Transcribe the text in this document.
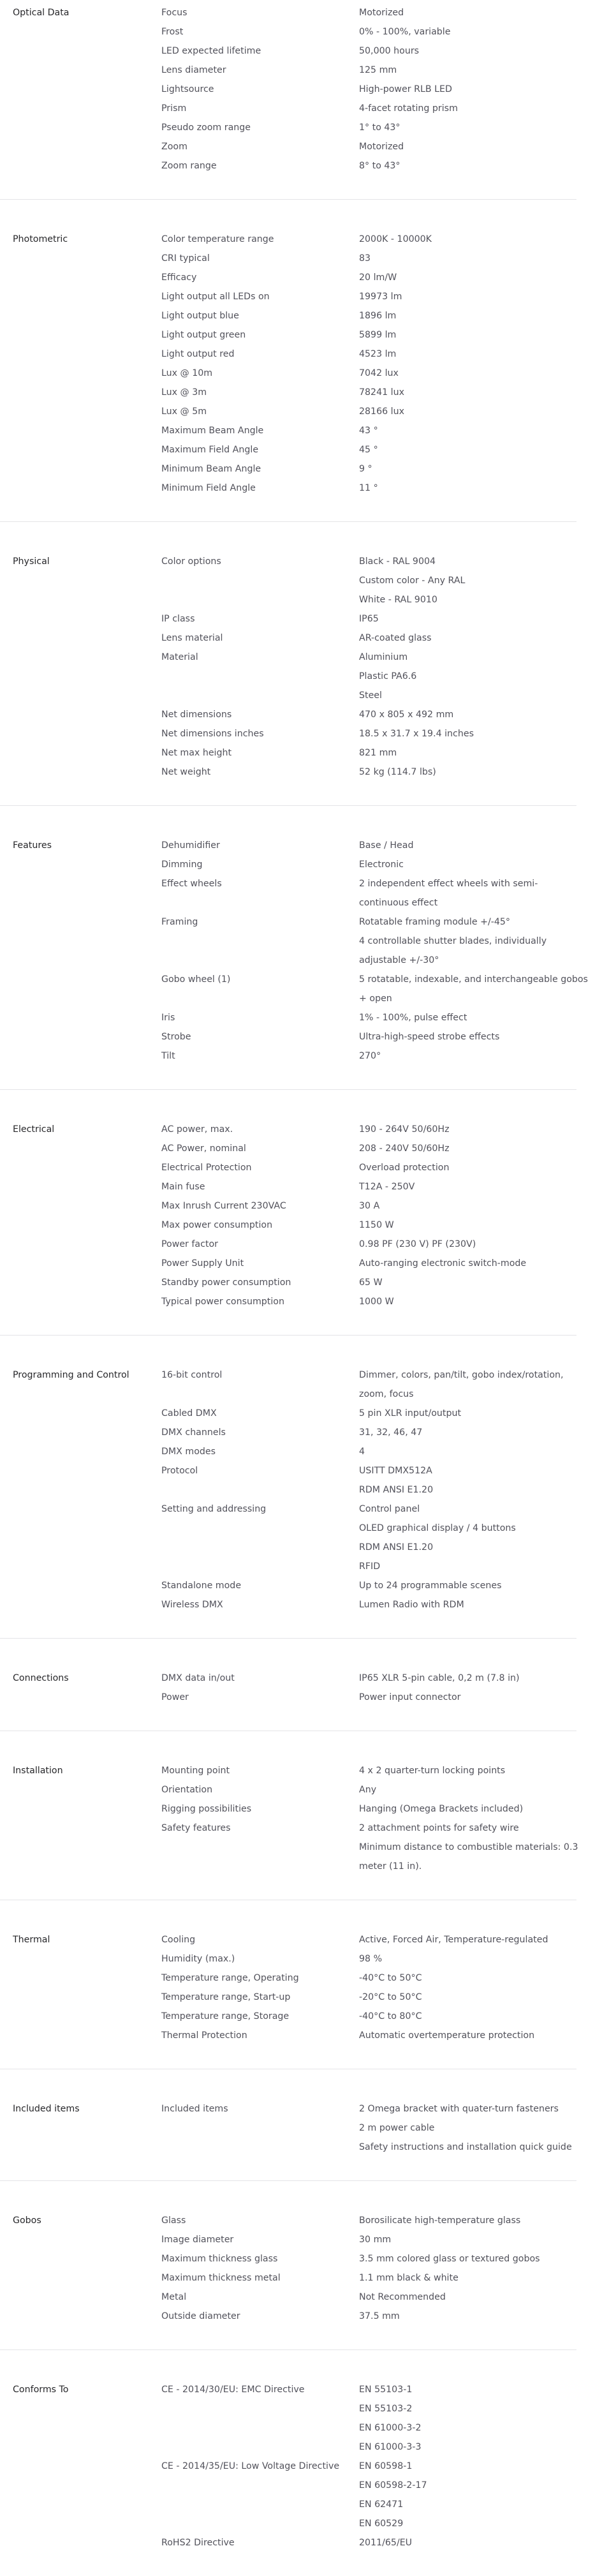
Optical Data	Focus	Motorized
Frost	0% - 100%, variable
LED expected lifetime	50,000 hours
Lens diameter	125 mm
Lightsource	High-power RLB LED
Prism	4-facet rotating prism
Pseudo zoom range	1° to 43°
Zoom	Motorized
Zoom range	8° to 43°
Photometric	Color temperature range	2000K - 10000K
CRI typical	83
Efficacy	20 lm/W
Light output all LEDs on	19973 lm
Light output blue	1896 lm
Light output green	5899 lm
Light output red	4523 lm
Lux @ 10m	7042 lux
Lux @ 3m	78241 lux
Lux @ 5m	28166 lux
Maximum Beam Angle	43 °
Maximum Field Angle	45 °
Minimum Beam Angle	9 °
Minimum Field Angle	11 °
Physical	Color options	Black - RAL 9004
Custom color - Any RAL
White - RAL 9010
IP class	IP65
Lens material	AR-coated glass
Material	Aluminium
Plastic PA6.6
Steel
Net dimensions	470 x 805 x 492 mm
Net dimensions inches	18.5 x 31.7 x 19.4 inches
Net max height	821 mm
Net weight	52 kg (114.7 lbs)
Features	Dehumidifier	Base / Head
Dimming	Electronic
Effect wheels	2 independent effect wheels with semi-
continuous effect
Framing	Rotatable framing module +/-45°
4 controllable shutter blades, individually
adjustable +/-30°
Gobo wheel (1)	5 rotatable, indexable, and interchangeable gobos
+ open
Iris	1% - 100%, pulse effect
Strobe	Ultra-high-speed strobe effects
Tilt	270°
Electrical	AC power, max.	190 - 264V 50/60Hz
AC Power, nominal	208 - 240V 50/60Hz
Electrical Protection	Overload protection
Main fuse	T12A - 250V
Max Inrush Current 230VAC	30 A
Max power consumption	1150 W
Power factor	0.98 PF (230 V) PF (230V)
Power Supply Unit	Auto-ranging electronic switch-mode
Standby power consumption	65 W
Typical power consumption	1000 W
Programming and Control	16-bit control	Dimmer, colors, pan/tilt, gobo index/rotation,
zoom, focus
Cabled DMX	5 pin XLR input/output
DMX channels	31, 32, 46, 47
DMX modes	4
Protocol	USITT DMX512A
RDM ANSI E1.20
Setting and addressing	Control panel
OLED graphical display / 4 buttons
RDM ANSI E1.20
RFID
Standalone mode	Up to 24 programmable scenes
Wireless DMX	Lumen Radio with RDM
Connections	DMX data in/out	IP65 XLR 5-pin cable, 0,2 m (7.8 in)
Power	Power input connector
Installation	Mounting point	4 x 2 quarter-turn locking points
Orientation	Any
Rigging possibilities	Hanging (Omega Brackets included)
Safety features	2 attachment points for safety wire
Minimum distance to combustible materials: 0.3
meter (11 in).
Thermal	Cooling	Active, Forced Air, Temperature-regulated
Humidity (max.)	98 %
Temperature range, Operating	-40°C to 50°C
Temperature range, Start-up	-20°C to 50°C
Temperature range, Storage	-40°C to 80°C
Thermal Protection	Automatic overtemperature protection
Included items	Included items	2 Omega bracket with quater-turn fasteners
2 m power cable
Safety instructions and installation quick guide
Gobos	Glass	Borosilicate high-temperature glass
Image diameter	30 mm
Maximum thickness glass	3.5 mm colored glass or textured gobos
Maximum thickness metal	1.1 mm black & white
Metal	Not Recommended
Outside diameter	37.5 mm
Conforms To	CE - 2014/30/EU: EMC Directive	EN 55103-1
EN 55103-2
EN 61000-3-2
EN 61000-3-3
CE - 2014/35/EU: Low Voltage Directive	EN 60598-1
EN 60598-2-17
EN 62471
EN 60529
RoHS2 Directive	2011/65/EU
